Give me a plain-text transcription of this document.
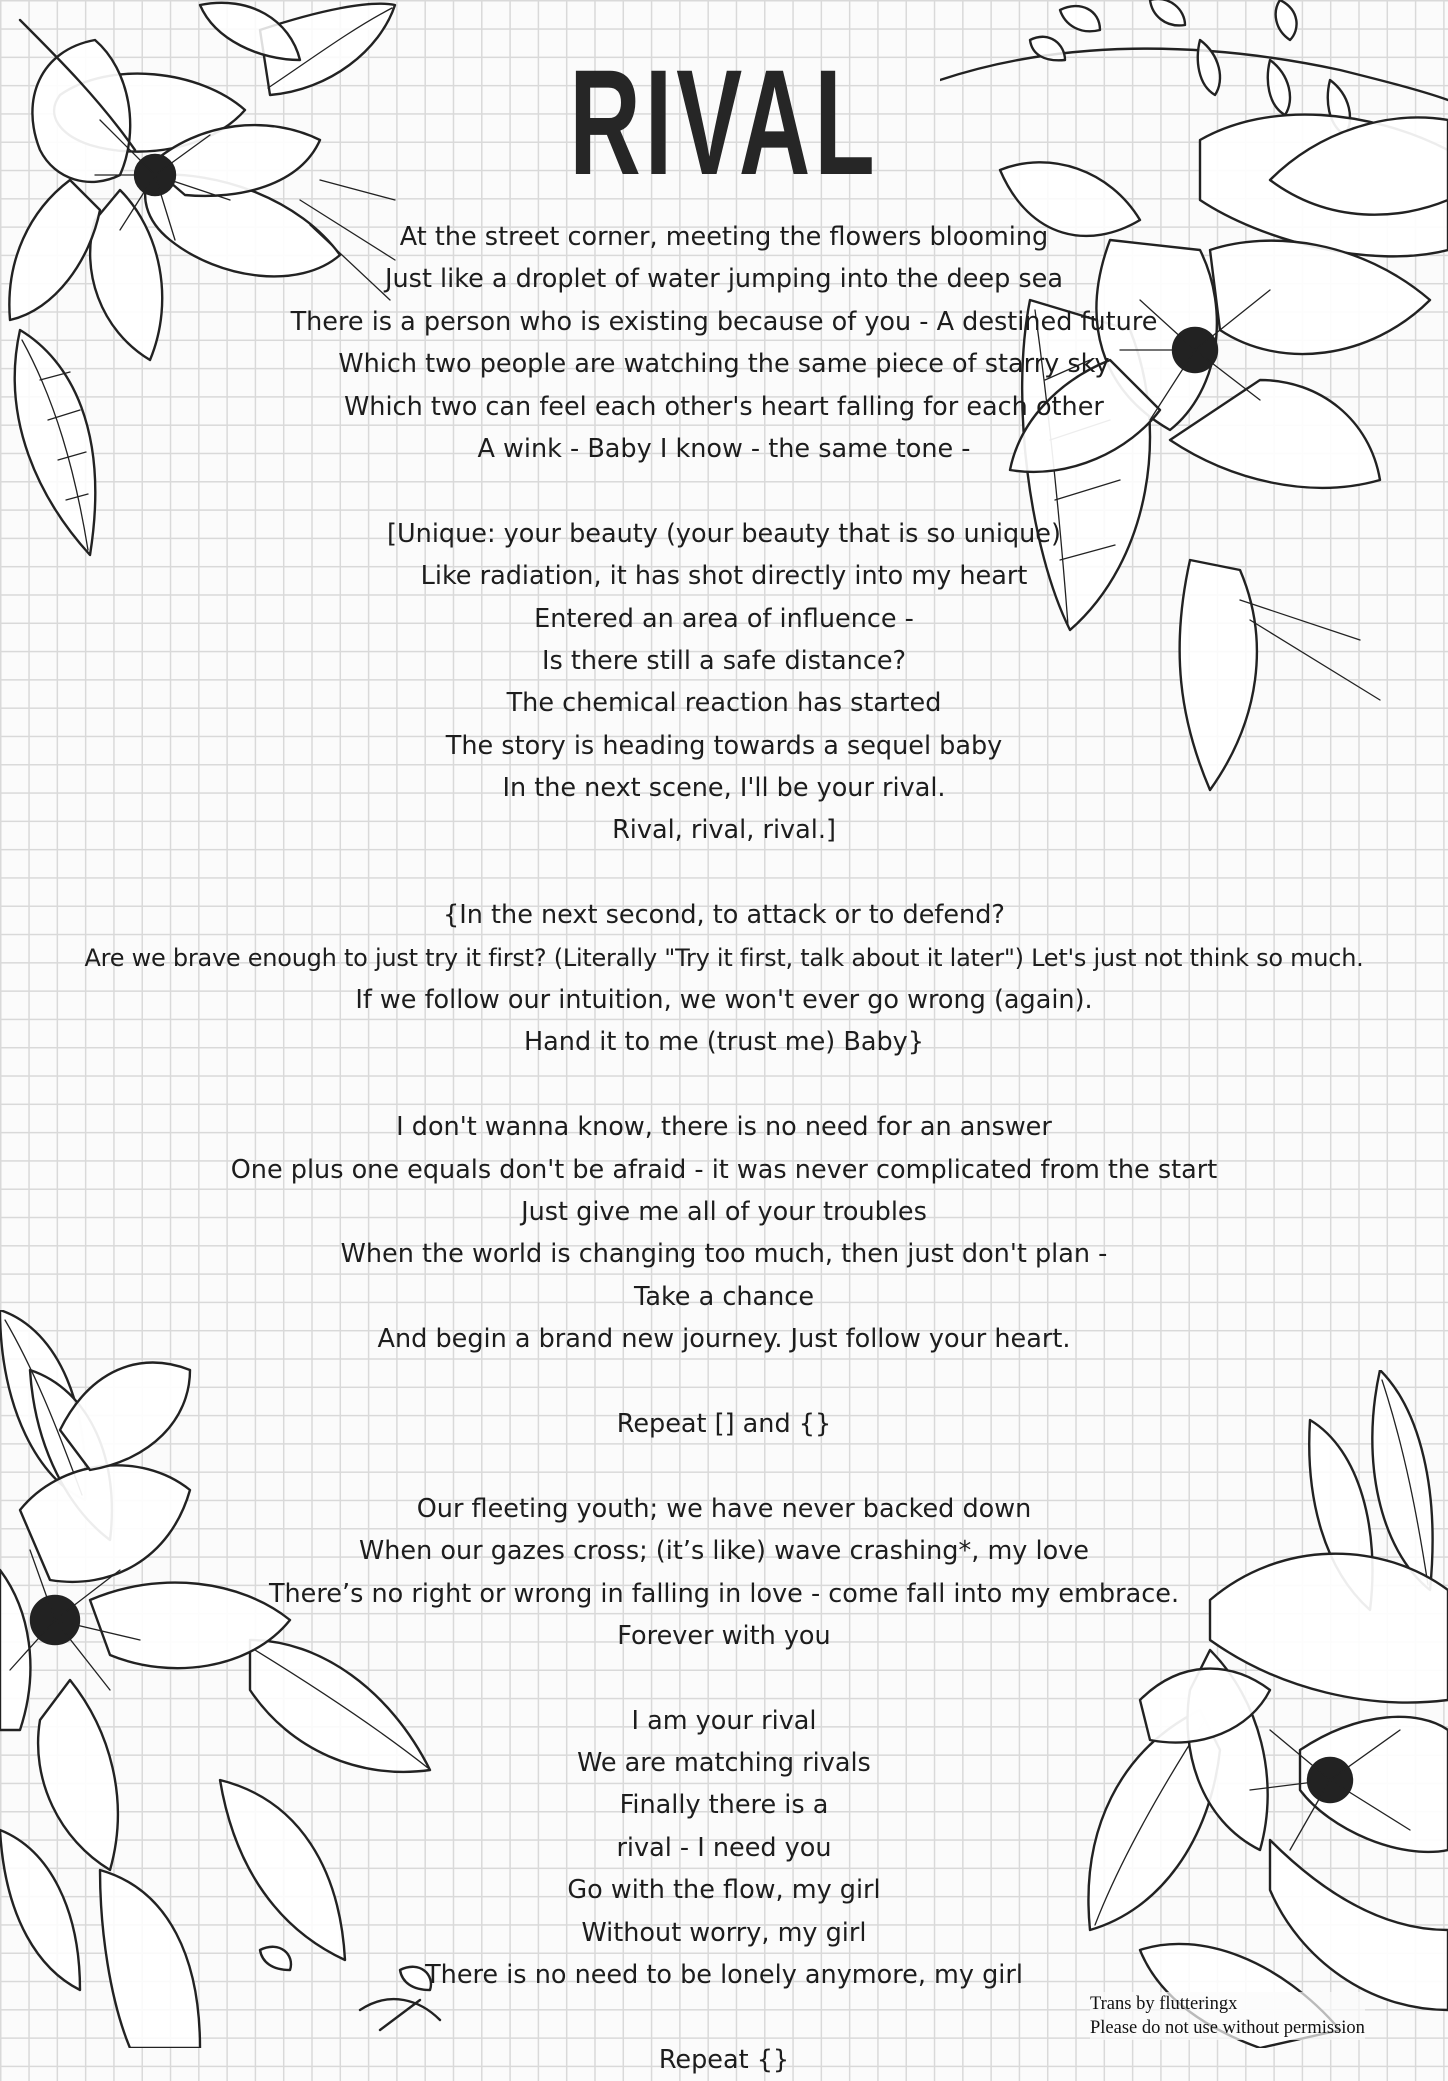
RIVAL
At the street corner, meeting the flowers blooming
Just like a droplet of water jumping into the deep sea
There is a person who is existing because of you - A destined future
Which two people are watching the same piece of starry sky
Which two can feel each other's heart falling for each other
A wink - Baby I know - the same tone -
[Unique: your beauty (your beauty that is so unique)
Like radiation, it has shot directly into my heart
Entered an area of influence -
Is there still a safe distance?
The chemical reaction has started
The story is heading towards a sequel baby
In the next scene, I'll be your rival.
Rival, rival, rival.]
{In the next second, to attack or to defend?
Are we brave enough to just try it first? (Literally "Try it first, talk about it later") Let's just not think so much.
If we follow our intuition, we won't ever go wrong (again).
Hand it to me (trust me) Baby}
I don't wanna know, there is no need for an answer
One plus one equals don't be afraid - it was never complicated from the start
Just give me all of your troubles
When the world is changing too much, then just don't plan -
Take a chance
And begin a brand new journey. Just follow your heart.
Repeat [] and {}
Our fleeting youth; we have never backed down
When our gazes cross; (it’s like) wave crashing*, my love
There’s no right or wrong in falling in love - come fall into my embrace.
Forever with you
I am your rival
We are matching rivals
Finally there is a
rival - I need you
Go with the flow, my girl
Without worry, my girl
There is no need to be lonely anymore, my girl
Repeat {}
Trans by flutteringx
Please do not use without permission
